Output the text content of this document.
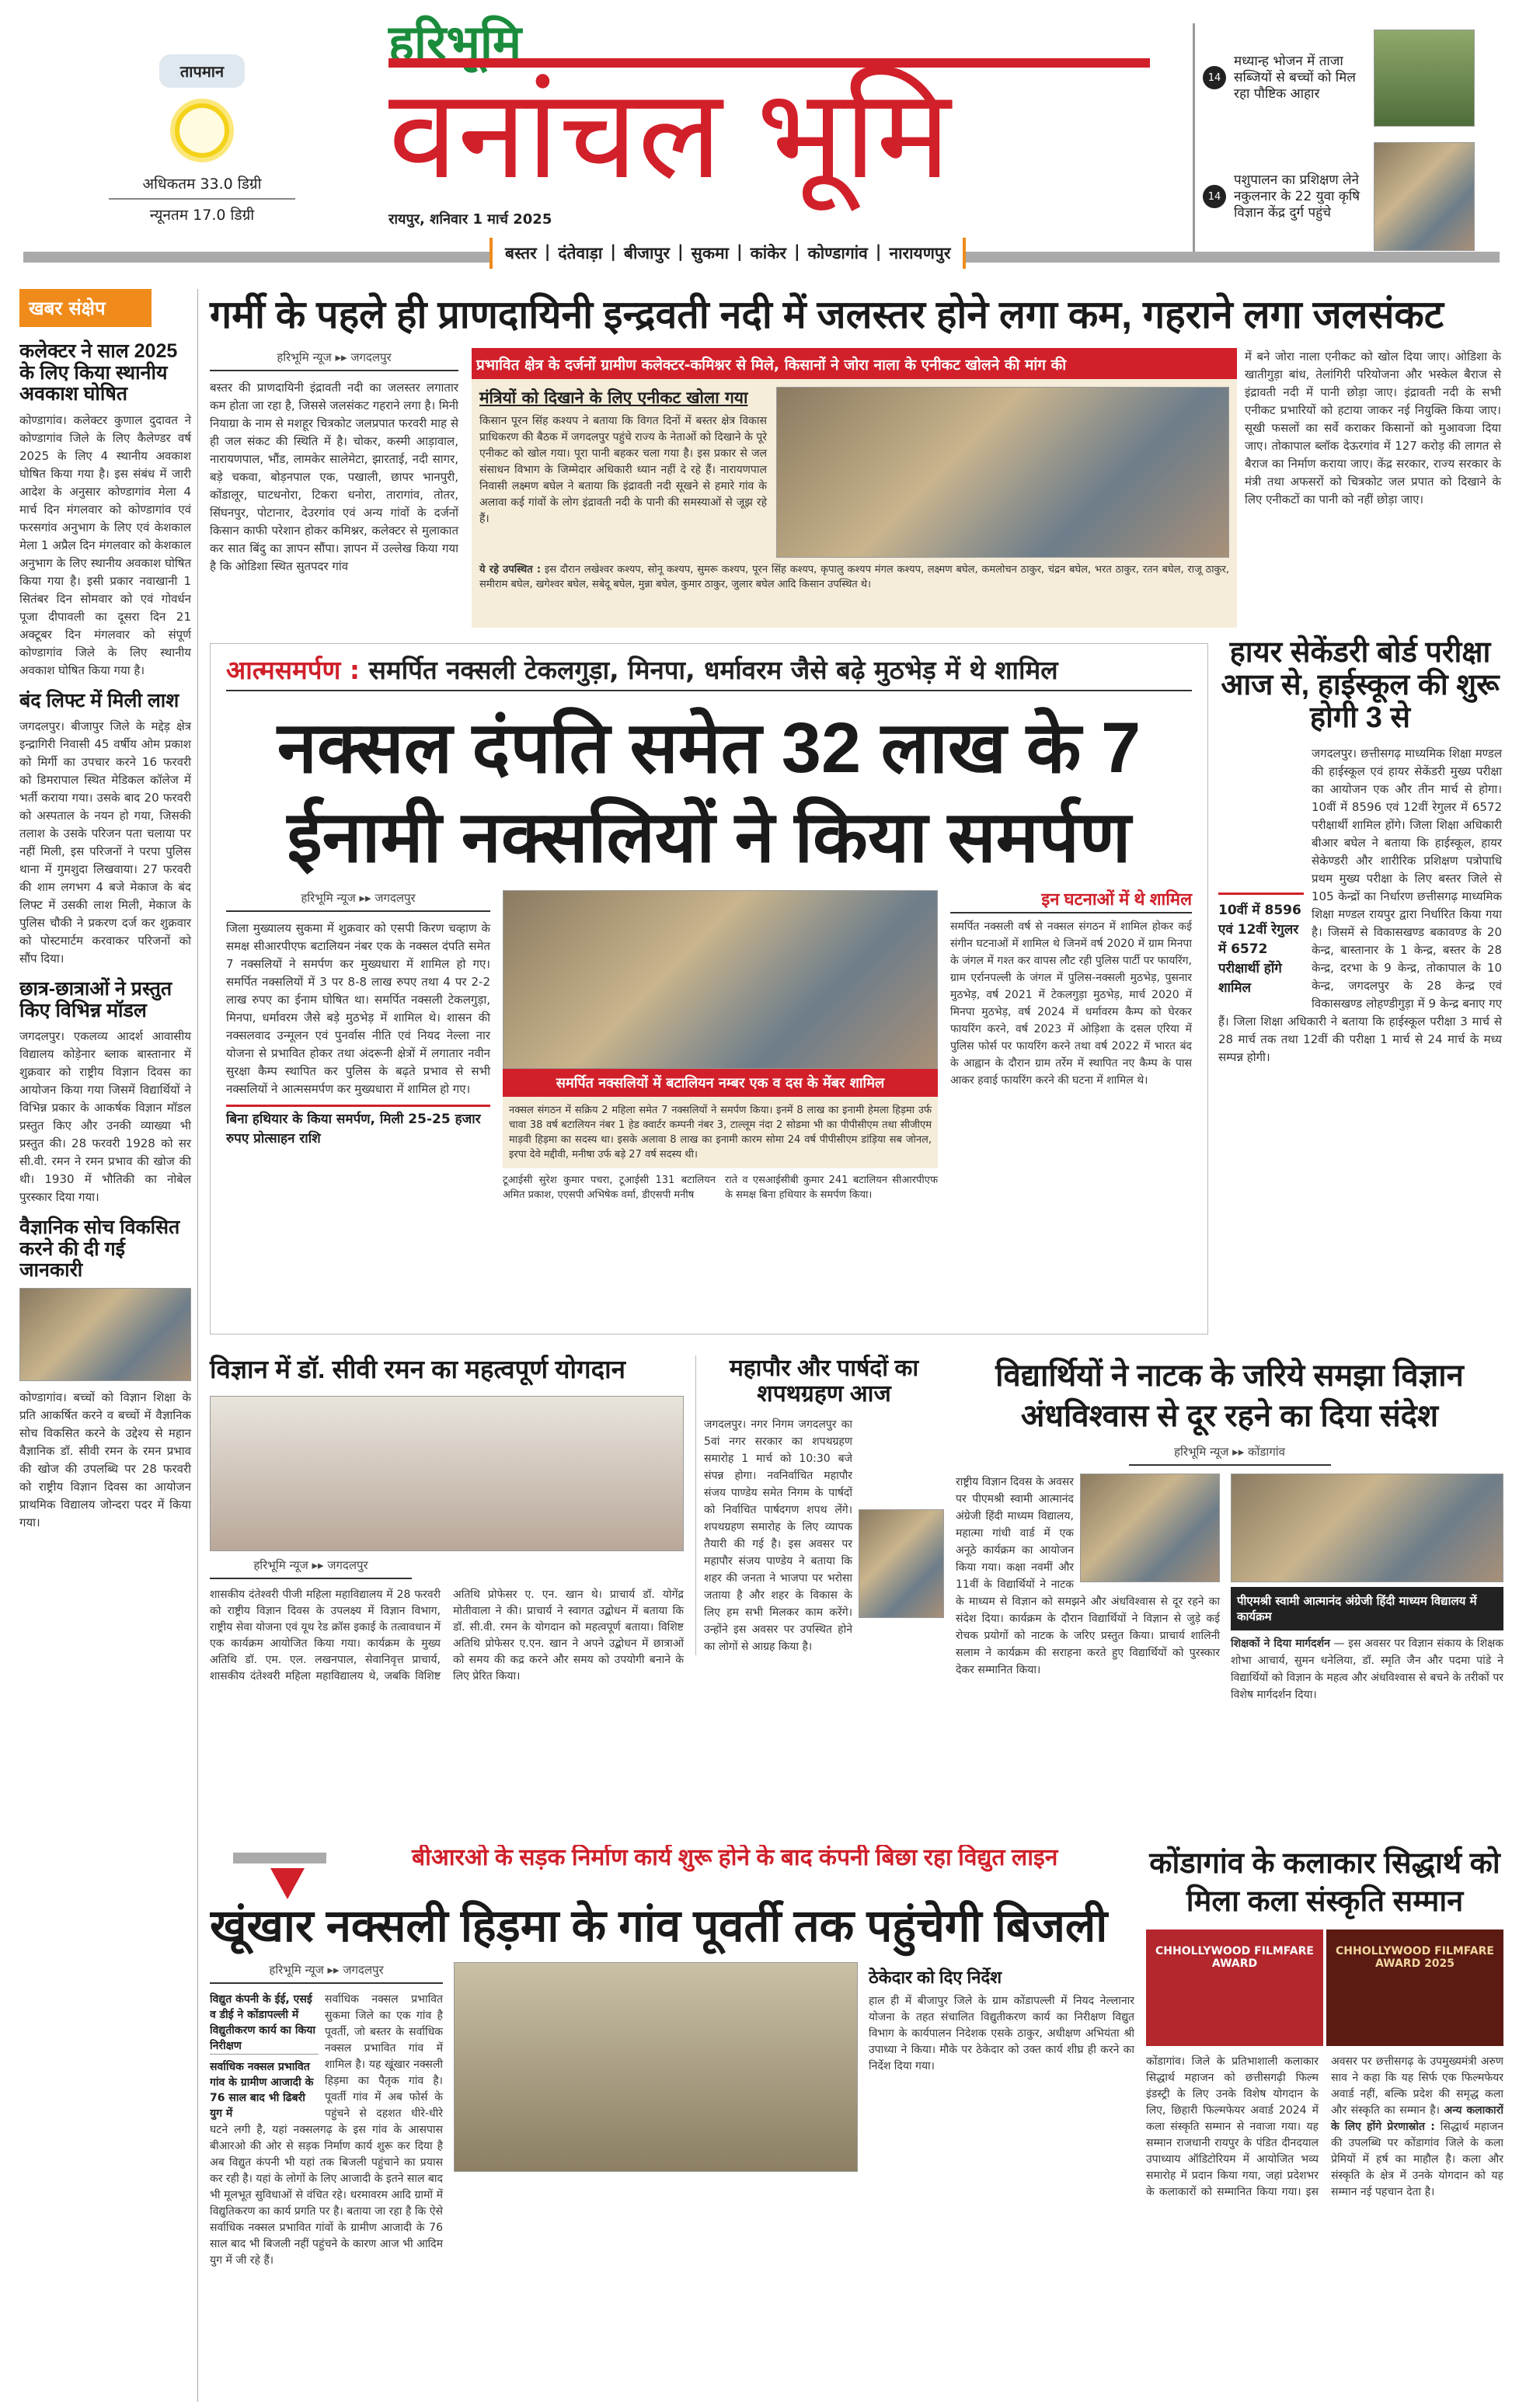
तापमान
अधिकतम 33.0 डिग्री
न्यूनतम 17.0 डिग्री
हरिभूमि
वनांचल भूमि
रायपुर, शनिवार 1 मार्च 2025
14
मध्यान्ह भोजन में ताजा सब्जियों से बच्चों को मिल रहा पौष्टिक आहार
14
पशुपालन का प्रशिक्षण लेने नकुलनार के 22 युवा कृषि विज्ञान केंद्र दुर्ग पहुंचे
बस्तर | दंतेवाड़ा | बीजापुर | सुकमा | कांकेर | कोण्डागांव | नारायणपुर
खबर संक्षेप
कलेक्टर ने साल 2025 के लिए किया स्थानीय अवकाश घोषित
कोण्डागांव। कलेक्टर कुणाल दुदावत ने कोण्डागांव जिले के लिए कैलेण्डर वर्ष 2025 के लिए 4 स्थानीय अवकाश घोषित किया गया है। इस संबंध में जारी आदेश के अनुसार कोण्डागांव मेला 4 मार्च दिन मंगलवार को कोण्डागांव एवं फरसगांव अनुभाग के लिए एवं केशकाल मेला 1 अप्रैल दिन मंगलवार को केशकाल अनुभाग के लिए स्थानीय अवकाश घोषित किया गया है। इसी प्रकार नवाखानी 1 सितंबर दिन सोमवार को एवं गोवर्धन पूजा दीपावली का दूसरा दिन 21 अक्टूबर दिन मंगलवार को संपूर्ण कोण्डागांव जिले के लिए स्थानीय अवकाश घोषित किया गया है।
बंद लिफ्ट में मिली लाश
जगदलपुर। बीजापुर जिले के मद्देड़ क्षेत्र इन्द्रागिरी निवासी 45 वर्षीय ओम प्रकाश को मिर्गी का उपचार करने 16 फरवरी को डिमरापाल स्थित मेडिकल कॉलेज में भर्ती कराया गया। उसके बाद 20 फरवरी को अस्पताल के नयन हो गया, जिसकी तलाश के उसके परिजन पता चलाया पर नहीं मिली, इस परिजनों ने परपा पुलिस थाना में गुमशुदा लिखवाया। 27 फरवरी की शाम लगभग 4 बजे मेकाज के बंद लिफ्ट में उसकी लाश मिली, मेकाज के पुलिस चौकी ने प्रकरण दर्ज कर शुक्रवार को पोस्टमार्टम करवाकर परिजनों को सौंप दिया।
छात्र-छात्राओं ने प्रस्तुत किए विभिन्न मॉडल
जगदलपुर। एकलव्य आदर्श आवासीय विद्यालय कोड़ेनार ब्लाक बास्तानार में शुक्रवार को राष्ट्रीय विज्ञान दिवस का आयोजन किया गया जिसमें विद्यार्थियों ने विभिन्न प्रकार के आकर्षक विज्ञान मॉडल प्रस्तुत किए और उनकी व्याख्या भी प्रस्तुत की। 28 फरवरी 1928 को सर सी.वी. रमन ने रमन प्रभाव की खोज की थी। 1930 में भौतिकी का नोबेल पुरस्कार दिया गया।
वैज्ञानिक सोच विकसित करने की दी गई जानकारी
कोण्डागांव। बच्चों को विज्ञान शिक्षा के प्रति आकर्षित करने व बच्चों में वैज्ञानिक सोच विकसित करने के उद्देश्य से महान वैज्ञानिक डॉ. सीवी रमन के रमन प्रभाव की खोज की उपलब्धि पर 28 फरवरी को राष्ट्रीय विज्ञान दिवस का आयोजन प्राथमिक विद्यालय जोन्दरा पदर में किया गया।
गर्मी के पहले ही प्राणदायिनी इन्द्रवती नदी में जलस्तर होने लगा कम, गहराने लगा जलसंकट
हरिभूमि न्यूज ▸▸ जगदलपुर
बस्तर की प्राणदायिनी इंद्रावती नदी का जलस्तर लगातार कम होता जा रहा है, जिससे जलसंकट गहराने लगा है। मिनी नियाग्रा के नाम से मशहूर चित्रकोट जलप्रपात फरवरी माह से ही जल संकट की स्थिति में है। चोकर, कस्मी आड़ावाल, नारायणपाल, भौंड, लामकेर सालेमेटा, झारताई, नदी सागर, बड़े चकवा, बोड़नपाल एक, पखाली, छापर भानपुरी, कोंडालूर, घाटधनोरा, टिकरा धनोरा, तारागांव, तोतर, सिंघनपुर, पोटानार, देउरगांव एवं अन्य गांवों के दर्जनों किसान काफी परेशान होकर कमिश्नर, कलेक्टर से मुलाकात कर सात बिंदु का ज्ञापन सौंपा। ज्ञापन में उल्लेख किया गया है कि ओडिशा स्थित सुतपदर गांव
प्रभावित क्षेत्र के दर्जनों ग्रामीण कलेक्टर-कमिश्नर से मिले, किसानों ने जोरा नाला के एनीकट खोलने की मांग की
मंत्रियों को दिखाने के लिए एनीकट खोला गया
किसान पूरन सिंह कश्यप ने बताया कि विगत दिनों में बस्तर क्षेत्र विकास प्राधिकरण की बैठक में जगदलपुर पहुंचे राज्य के नेताओं को दिखाने के पूरे एनीकट को खोल गया। पूरा पानी बहकर चला गया है। इस प्रकार से जल संसाधन विभाग के जिम्मेदार अधिकारी ध्यान नहीं दे रहे हैं। नारायणपाल निवासी लक्ष्मण बघेल ने बताया कि इंद्रावती नदी सूखने से हमारे गांव के अलावा कई गांवों के लोग इंद्रावती नदी के पानी की समस्याओं से जूझ रहे हैं।
ये रहे उपस्थित : इस दौरान लखेश्वर कश्यप, सोनू कश्यप, सुमरू कश्यप, पूरन सिंह कश्यप, कृपालु कश्यप मंगल कश्यप, लक्ष्मण बघेल, कमलोचन ठाकुर, चंद्रन बघेल, भरत ठाकुर, रतन बघेल, राजू ठाकुर, समीराम बघेल, खगेश्वर बघेल, सबेदू बघेल, मुन्ना बघेल, कुमार ठाकुर, जुलार बघेल आदि किसान उपस्थित थे।
में बने जोरा नाला एनीकट को खोल दिया जाए। ओडिशा के खातीगुड़ा बांध, तेलांगिरी परियोजना और भस्केल बैराज से इंद्रावती नदी में पानी छोड़ा जाए। इंद्रावती नदी के सभी एनीकट प्रभारियों को हटाया जाकर नई नियुक्ति किया जाए। सूखी फसलों का सर्वे कराकर किसानों को मुआवजा दिया जाए। तोकापाल ब्लॉक देऊरगांव में 127 करोड़ की लागत से बैराज का निर्माण कराया जाए। केंद्र सरकार, राज्य सरकार के मंत्री तथा अफसरों को चित्रकोट जल प्रपात को दिखाने के लिए एनीकटों का पानी को नहीं छोड़ा जाए।
आत्मसमर्पण : समर्पित नक्सली टेकलगुड़ा, मिनपा, धर्मावरम जैसे बढ़े मुठभेड़ में थे शामिल
नक्सल दंपति समेत 32 लाख के 7 ईनामी नक्सलियों ने किया समर्पण
हरिभूमि न्यूज ▸▸ जगदलपुर
जिला मुख्यालय सुकमा में शुक्रवार को एसपी किरण चव्हाण के समक्ष सीआरपीएफ बटालियन नंबर एक के नक्सल दंपति समेत 7 नक्सलियों ने समर्पण कर मुख्यधारा में शामिल हो गए। समर्पित नक्सलियों में 3 पर 8-8 लाख रुपए तथा 4 पर 2-2 लाख रुपए का ईनाम घोषित था। समर्पित नक्सली टेकलगुड़ा, मिनपा, धर्मावरम जैसे बड़े मुठभेड़ में शामिल थे। शासन की नक्सलवाद उन्मूलन एवं पुनर्वास नीति एवं नियद नेल्ला नार योजना से प्रभावित होकर तथा अंदरूनी क्षेत्रों में लगातार नवीन सुरक्षा कैम्प स्थापित कर पुलिस के बढ़ते प्रभाव से सभी नक्सलियों ने आत्मसमर्पण कर मुख्यधारा में शामिल हो गए।
बिना हथियार के किया समर्पण, मिली 25-25 हजार रुपए प्रोत्साहन राशि
समर्पित नक्सलियों में बटालियन नम्बर एक व दस के मेंबर शामिल
नक्सल संगठन में सक्रिय 2 महिला समेत 7 नक्सलियों ने समर्पण किया। इनमें 8 लाख का इनामी हेमला हिड़मा उर्फ चावा 38 वर्ष बटालियन नंबर 1 हेड क्वार्टर कम्पनी नंबर 3, टाल्लूम नंदा 2 सोडमा भी का पीपीसीएम तथा सीजीएम माड़वी हिड़मा का सदस्य था। इसके अलावा 8 लाख का इनामी कारम सोमा 24 वर्ष पीपीसीएम डांड़िया सब जोनल, इरपा देवे मद्दीवी, मनीषा उर्फ बड़े 27 वर्ष सदस्य थी।
टूआईसी सुरेश कुमार पचरा, टूआईसी 131 बटालियन अमित प्रकाश, एएसपी अभिषेक वर्मा, डीएसपी मनीष
राते व एसआईसीबी कुमार 241 बटालियन सीआरपीएफ के समक्ष बिना हथियार के समर्पण किया।
इन घटनाओं में थे शामिल
समर्पित नक्सली वर्ष से नक्सल संगठन में शामिल होकर कई संगीन घटनाओं में शामिल थे जिनमें वर्ष 2020 में ग्राम मिनपा के जंगल में गश्त कर वापस लौट रही पुलिस पार्टी पर फायरिंग, ग्राम एर्रानपल्ली के जंगल में पुलिस-नक्सली मुठभेड़, पुसनार मुठभेड़, वर्ष 2021 में टेकलगुड़ा मुठभेड़, मार्च 2020 में मिनपा मुठभेड़, वर्ष 2024 में धर्मावरम कैम्प को घेरकर फायरिंग करने, वर्ष 2023 में ओड़िशा के दसल एरिया में पुलिस फोर्स पर फायरिंग करने तथा वर्ष 2022 में भारत बंद के आह्वान के दौरान ग्राम तर्रेम में स्थापित नए कैम्प के पास आकर हवाई फायरिंग करने की घटना में शामिल थे।
हायर सेकेंडरी बोर्ड परीक्षा आज से, हाईस्कूल की शुरू होगी 3 से
10वीं में 8596 एवं 12वीं रेगुलर में 6572 परीक्षार्थी होंगे शामिल
जगदलपुर। छत्तीसगढ़ माध्यमिक शिक्षा मण्डल की हाईस्कूल एवं हायर सेकेंडरी मुख्य परीक्षा का आयोजन एक और तीन मार्च से होगा। 10वीं में 8596 एवं 12वीं रेगुलर में 6572 परीक्षार्थी शामिल होंगे। जिला शिक्षा अधिकारी बीआर बघेल ने बताया कि हाईस्कूल, हायर सेकेण्डरी और शारीरिक प्रशिक्षण पत्रोपाधि प्रथम मुख्य परीक्षा के लिए बस्तर जिले से 105 केन्द्रों का निर्धारण छत्तीसगढ़ माध्यमिक शिक्षा मण्डल रायपुर द्वारा निर्धारित किया गया है। जिसमें से विकासखण्ड बकावण्ड के 20 केन्द्र, बास्तानार के 1 केन्द्र, बस्तर के 28 केन्द्र, दरभा के 9 केन्द्र, तोकापाल के 10 केन्द्र, जगदलपुर के 28 केन्द्र एवं विकासखण्ड लोहण्डीगुड़ा में 9 केन्द्र बनाए गए हैं। जिला शिक्षा अधिकारी ने बताया कि हाईस्कूल परीक्षा 3 मार्च से 28 मार्च तक तथा 12वीं की परीक्षा 1 मार्च से 24 मार्च के मध्य सम्पन्न होगी।
विज्ञान में डॉ. सीवी रमन का महत्वपूर्ण योगदान
हरिभूमि न्यूज ▸▸ जगदलपुर
शासकीय दंतेश्वरी पीजी महिला महाविद्यालय में 28 फरवरी को राष्ट्रीय विज्ञान दिवस के उपलक्ष्य में विज्ञान विभाग, राष्ट्रीय सेवा योजना एवं यूथ रेड क्रॉस इकाई के तत्वावधान में एक कार्यक्रम आयोजित किया गया। कार्यक्रम के मुख्य अतिथि डॉ. एम. एल. लखनपाल, सेवानिवृत्त प्राचार्य, शासकीय दंतेश्वरी महिला महाविद्यालय थे, जबकि विशिष्ट अतिथि प्रोफेसर ए. एन. खान थे। प्राचार्य डॉ. योगेंद्र मोतीवाला ने की। प्राचार्य ने स्वागत उद्बोधन में बताया कि डॉ. सी.वी. रमन के योगदान को महत्वपूर्ण बताया। विशिष्ट अतिथि प्रोफेसर ए.एन. खान ने अपने उद्बोधन में छात्राओं को समय की कद्र करने और समय को उपयोगी बनाने के लिए प्रेरित किया।
महापौर और पार्षदों का शपथग्रहण आज
जगदलपुर। नगर निगम जगदलपुर का 5वां नगर सरकार का शपथग्रहण समारोह 1 मार्च को 10:30 बजे संपन्न होगा। नवनिर्वाचित महापौर संजय पाण्डेय समेत निगम के पार्षदों को निर्वाचित पार्षदगण शपथ लेंगे। शपथग्रहण समारोह के लिए व्यापक तैयारी की गई है। इस अवसर पर महापौर संजय पाण्डेय ने बताया कि शहर की जनता ने भाजपा पर भरोसा जताया है और शहर के विकास के लिए हम सभी मिलकर काम करेंगे। उन्होंने इस अवसर पर उपस्थित होने का लोगों से आग्रह किया है।
विद्यार्थियों ने नाटक के जरिये समझा विज्ञान अंधविश्वास से दूर रहने का दिया संदेश
हरिभूमि न्यूज ▸▸ कोंडागांव
राष्ट्रीय विज्ञान दिवस के अवसर पर पीएमश्री स्वामी आत्मानंद अंग्रेजी हिंदी माध्यम विद्यालय, महात्मा गांधी वार्ड में एक अनूठे कार्यक्रम का आयोजन किया गया। कक्षा नवमीं और 11वीं के विद्यार्थियों ने नाटक के माध्यम से विज्ञान को समझने और अंधविश्वास से दूर रहने का संदेश दिया। कार्यक्रम के दौरान विद्यार्थियों ने विज्ञान से जुड़े कई रोचक प्रयोगों को नाटक के जरिए प्रस्तुत किया। प्राचार्य शालिनी सलाम ने कार्यक्रम की सराहना करते हुए विद्यार्थियों को पुरस्कार देकर सम्मानित किया।
पीएमश्री स्वामी आत्मानंद अंग्रेजी हिंदी माध्यम विद्यालय में कार्यक्रम
शिक्षकों ने दिया मार्गदर्शन — इस अवसर पर विज्ञान संकाय के शिक्षक शोभा आचार्य, सुमन धनेलिया, डॉ. स्मृति जैन और पदमा पांडे ने विद्यार्थियों को विज्ञान के महत्व और अंधविश्वास से बचने के तरीकों पर विशेष मार्गदर्शन दिया।
बीआरओ के सड़क निर्माण कार्य शुरू होने के बाद कंपनी बिछा रहा विद्युत लाइन
खूंखार नक्सली हिड़मा के गांव पूवर्ती तक पहुंचेगी बिजली
हरिभूमि न्यूज ▸▸ जगदलपुर
विद्युत कंपनी के ईई, एसई व डीई ने कोंडापल्ली में विद्युतीकरण कार्य का किया निरीक्षण
सर्वाधिक नक्सल प्रभावित गांव के ग्रामीण आजादी के 76 साल बाद भी ढिबरी युग में
सर्वाधिक नक्सल प्रभावित सुकमा जिले का एक गांव है पूवर्ती, जो बस्तर के सर्वाधिक नक्सल प्रभावित गांव में शामिल है। यह खूंखार नक्सली हिड़मा का पैतृक गांव है। पूवर्ती गांव में अब फोर्स के पहुंचने से दहशत धीरे-धीरे घटने लगी है, यहां नक्सलगढ़ के इस गांव के आसपास बीआरओ की ओर से सड़क निर्माण कार्य शुरू कर दिया है अब विद्युत कंपनी भी यहां तक बिजली पहुंचाने का प्रयास कर रही है। यहां के लोगों के लिए आजादी के इतने साल बाद भी मूलभूत सुविधाओं से वंचित रहे। धरमावरम आदि ग्रामों में विद्युतिकरण का कार्य प्रगति पर है। बताया जा रहा है कि ऐसे सर्वाधिक नक्सल प्रभावित गांवों के ग्रामीण आजादी के 76 साल बाद भी बिजली नहीं पहुंचने के कारण आज भी आदिम युग में जी रहे हैं।
ठेकेदार को दिए निर्देश
हाल ही में बीजापुर जिले के ग्राम कोंडापल्ली में नियद नेल्लानार योजना के तहत संचालित विद्युतीकरण कार्य का निरीक्षण विद्युत विभाग के कार्यपालन निदेशक एसके ठाकुर, अधीक्षण अभियंता श्री उपाध्या ने किया। मौके पर ठेकेदार को उक्त कार्य शीघ्र ही करने का निर्देश दिया गया।
कोंडागांव के कलाकार सिद्धार्थ को मिला कला संस्कृति सम्मान
CHHOLLYWOOD FILMFARE AWARD
CHHOLLYWOOD FILMFARE AWARD 2025
कोंडागांव। जिले के प्रतिभाशाली कलाकार सिद्धार्थ महाजन को छत्तीसगढ़ी फिल्म इंडस्ट्री के लिए उनके विशेष योगदान के लिए, छिहारी फिल्मफेयर अवार्ड 2024 में कला संस्कृति सम्मान से नवाजा गया। यह सम्मान राजधानी रायपुर के पंडित दीनदयाल उपाध्याय ऑडिटोरियम में आयोजित भव्य समारोह में प्रदान किया गया, जहां प्रदेशभर के कलाकारों को सम्मानित किया गया। इस अवसर पर छत्तीसगढ़ के उपमुख्यमंत्री अरुण साव ने कहा कि यह सिर्फ एक फिल्मफेयर अवार्ड नहीं, बल्कि प्रदेश की समृद्ध कला और संस्कृति का सम्मान है। अन्य कलाकारों के लिए होंगे प्रेरणास्रोत : सिद्धार्थ महाजन की उपलब्धि पर कोंडागांव जिले के कला प्रेमियों में हर्ष का माहौल है। कला और संस्कृति के क्षेत्र में उनके योगदान को यह सम्मान नई पहचान देता है।
